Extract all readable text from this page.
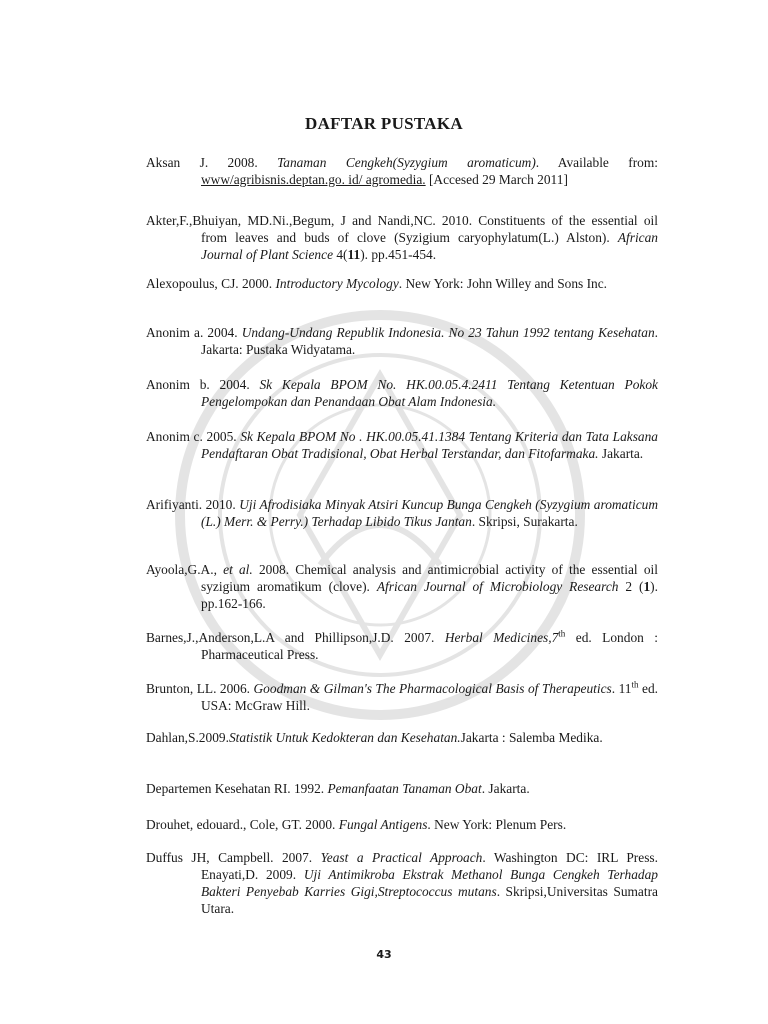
DAFTAR PUSTAKA
Aksan J. 2008. Tanaman Cengkeh(Syzygium aromaticum). Available from: www/agribisnis.deptan.go. id/ agromedia. [Accesed 29 March 2011]
Akter,F.,Bhuiyan, MD.Ni.,Begum, J and Nandi,NC. 2010. Constituents of the essential oil from leaves and buds of clove (Syzigium caryophylatum(L.) Alston). African Journal of Plant Science 4(11). pp.451-454.
Alexopoulus, CJ. 2000. Introductory Mycology. New York: John Willey and Sons Inc.
Anonim a. 2004. Undang-Undang Republik Indonesia. No 23 Tahun 1992 tentang Kesehatan. Jakarta: Pustaka Widyatama.
Anonim b. 2004. Sk Kepala BPOM No. HK.00.05.4.2411 Tentang Ketentuan Pokok Pengelompokan dan Penandaan Obat Alam Indonesia.
Anonim c. 2005. Sk Kepala BPOM No . HK.00.05.41.1384 Tentang Kriteria dan Tata Laksana Pendaftaran Obat Tradisional, Obat Herbal Terstandar, dan Fitofarmaka. Jakarta.
Arifiyanti. 2010. Uji Afrodisiaka Minyak Atsiri Kuncup Bunga Cengkeh (Syzygium aromaticum (L.) Merr. & Perry.) Terhadap Libido Tikus Jantan. Skripsi, Surakarta.
Ayoola,G.A., et al. 2008. Chemical analysis and antimicrobial activity of the essential oil syzigium aromatikum (clove). African Journal of Microbiology Research 2 (1). pp.162-166.
Barnes,J.,Anderson,L.A and Phillipson,J.D. 2007. Herbal Medicines,7th ed. London : Pharmaceutical Press.
Brunton, LL. 2006. Goodman & Gilman's The Pharmacological Basis of Therapeutics. 11th ed. USA: McGraw Hill.
Dahlan,S.2009.Statistik Untuk Kedokteran dan Kesehatan.Jakarta : Salemba Medika.
Departemen Kesehatan RI. 1992. Pemanfaatan Tanaman Obat. Jakarta.
Drouhet, edouard., Cole, GT. 2000. Fungal Antigens. New York: Plenum Pers.
Duffus JH, Campbell. 2007. Yeast a Practical Approach. Washington DC: IRL Press. Enayati,D. 2009. Uji Antimikroba Ekstrak Methanol Bunga Cengkeh Terhadap Bakteri Penyebab Karries Gigi,Streptococcus mutans. Skripsi,Universitas Sumatra Utara.
43
